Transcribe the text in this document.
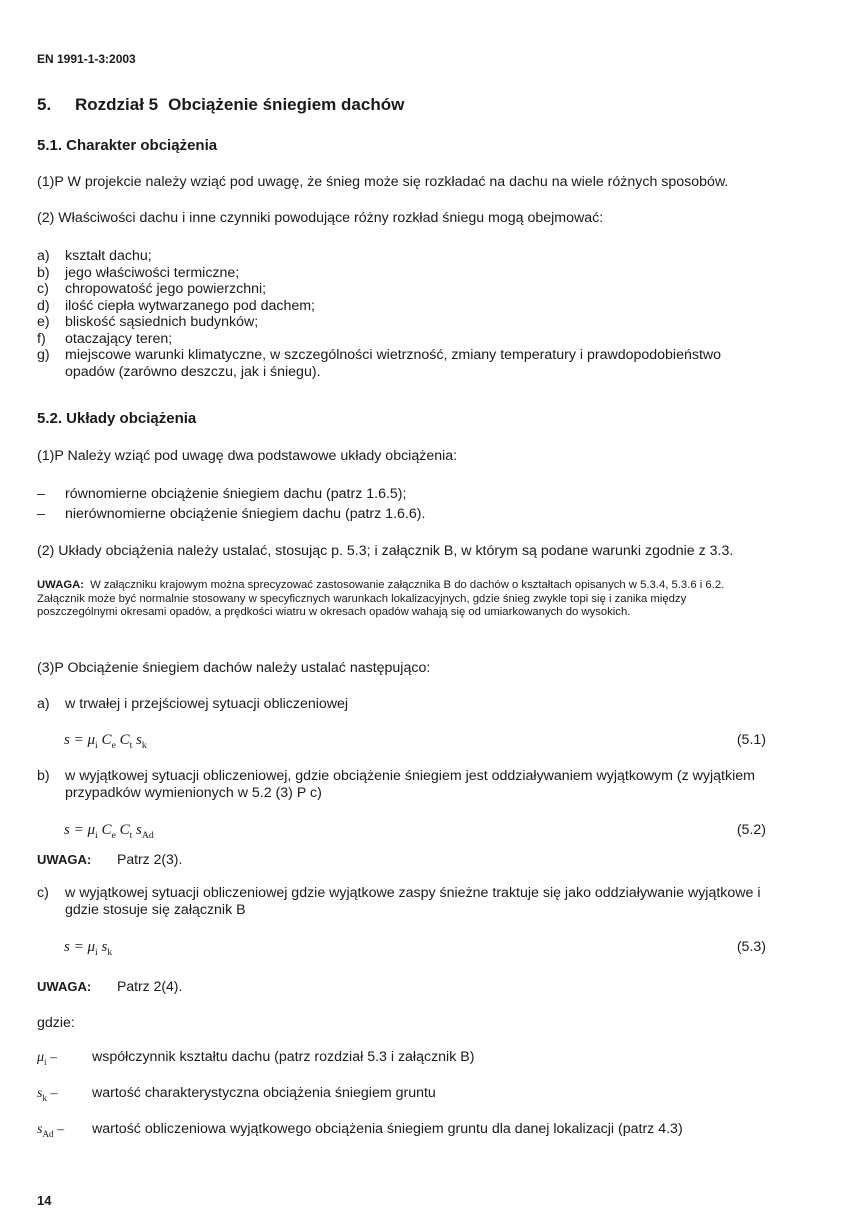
EN 1991-1-3:2003
5. Rozdział 5 Obciążenie śniegiem dachów
5.1. Charakter obciążenia
(1)P W projekcie należy wziąć pod uwagę, że śnieg może się rozkładać na dachu na wiele różnych sposobów.
(2) Właściwości dachu i inne czynniki powodujące różny rozkład śniegu mogą obejmować:
a) kształt dachu;
b) jego właściwości termiczne;
c) chropowatość jego powierzchni;
d) ilość ciepła wytwarzanego pod dachem;
e) bliskość sąsiednich budynków;
f) otaczający teren;
g) miejscowe warunki klimatyczne, w szczególności wietrzność, zmiany temperatury i prawdopodobieństwo
opadów (zarówno deszczu, jak i śniegu).
5.2. Układy obciążenia
(1)P Należy wziąć pod uwagę dwa podstawowe układy obciążenia:
– równomierne obciążenie śniegiem dachu (patrz 1.6.5);
– nierównomierne obciążenie śniegiem dachu (patrz 1.6.6).
(2) Układy obciążenia należy ustalać, stosując p. 5.3; i załącznik B, w którym są podane warunki zgodnie z 3.3.
UWAGA: W załączniku krajowym można sprecyzować zastosowanie załącznika B do dachów o kształtach opisanych w 5.3.4, 5.3.6 i 6.2. Załącznik może być normalnie stosowany w specyficznych warunkach lokalizacyjnych, gdzie śnieg zwykle topi się i zanika między poszczególnymi okresami opadów, a prędkości wiatru w okresach opadów wahają się od umiarkowanych do wysokich.
(3)P Obciążenie śniegiem dachów należy ustalać następująco:
a) w trwałej i przejściowej sytuacji obliczeniowej
$s = \mu_i$ $C_e$ $C_t$ $s_k$	(5.1)
b) w wyjątkowej sytuacji obliczeniowej, gdzie obciążenie śniegiem jest oddziaływaniem wyjątkowym (z wyjątkiem przypadków wymienionych w 5.2 (3) P c)
$s = \mu_i$ $C_e$ $C_t$ $s_{Ad}$	(5.2)
UWAGA: Patrz 2(3).
c) w wyjątkowej sytuacji obliczeniowej gdzie wyjątkowe zaspy śnieżne traktuje się jako oddziaływanie wyjątkowe i gdzie stosuje się załącznik B
$s = \mu_i$ $s_k$	(5.3)
UWAGA: Patrz 2(4).
gdzie:
$\mu_i$ – współczynnik kształtu dachu (patrz rozdział 5.3 i załącznik B)
$s_k$ – wartość charakterystyczna obciążenia śniegiem gruntu
$s_{Ad}$ – wartość obliczeniowa wyjątkowego obciążenia śniegiem gruntu dla danej lokalizacji (patrz 4.3)
14
